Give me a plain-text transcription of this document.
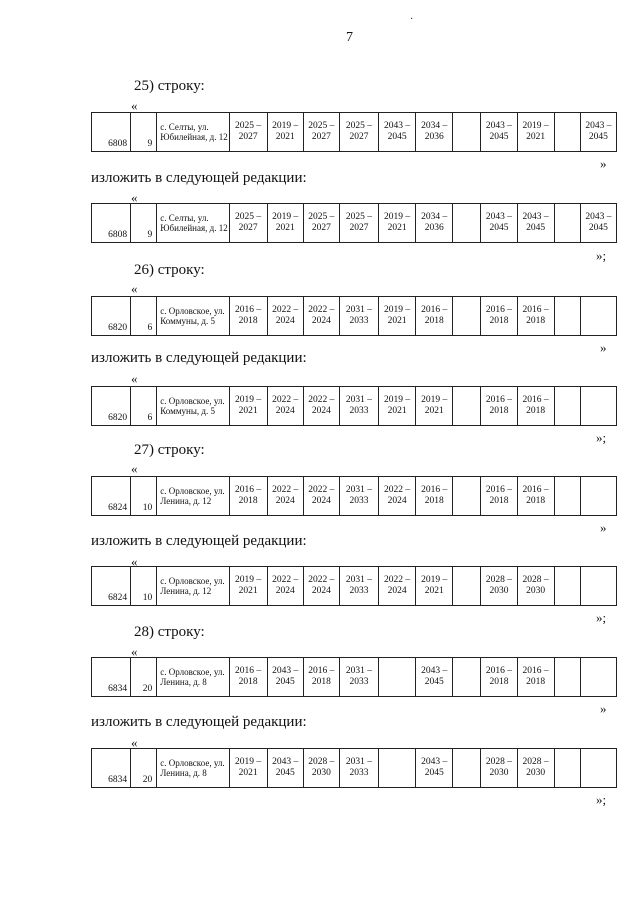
7
·
25) строку:
«
6808	9	с. Селты, ул. Юбилейная, д. 12	2025 – 2027	2019 – 2021	2025 – 2027	2025 – 2027	2043 – 2045	2034 – 2036		2043 – 2045	2019 – 2021		2043 – 2045
»
изложить в следующей редакции:
«
6808	9	с. Селты, ул. Юбилейная, д. 12	2025 – 2027	2019 – 2021	2025 – 2027	2025 – 2027	2019 – 2021	2034 – 2036		2043 – 2045	2043 – 2045		2043 – 2045
»;
26) строку:
«
6820	6	с. Орловское, ул. Коммуны, д. 5	2016 – 2018	2022 – 2024	2022 – 2024	2031 – 2033	2019 – 2021	2016 – 2018		2016 – 2018	2016 – 2018		
»
изложить в следующей редакции:
«
6820	6	с. Орловское, ул. Коммуны, д. 5	2019 – 2021	2022 – 2024	2022 – 2024	2031 – 2033	2019 – 2021	2019 – 2021		2016 – 2018	2016 – 2018		
»;
27) строку:
«
6824	10	с. Орловское, ул. Ленина, д. 12	2016 – 2018	2022 – 2024	2022 – 2024	2031 – 2033	2022 – 2024	2016 – 2018		2016 – 2018	2016 – 2018		
»
изложить в следующей редакции:
«
6824	10	с. Орловское, ул. Ленина, д. 12	2019 – 2021	2022 – 2024	2022 – 2024	2031 – 2033	2022 – 2024	2019 – 2021		2028 – 2030	2028 – 2030		
»;
28) строку:
«
6834	20	с. Орловское, ул. Ленина, д. 8	2016 – 2018	2043 – 2045	2016 – 2018	2031 – 2033		2043 – 2045		2016 – 2018	2016 – 2018		
»
изложить в следующей редакции:
«
6834	20	с. Орловское, ул. Ленина, д. 8	2019 – 2021	2043 – 2045	2028 – 2030	2031 – 2033		2043 – 2045		2028 – 2030	2028 – 2030		
»;
